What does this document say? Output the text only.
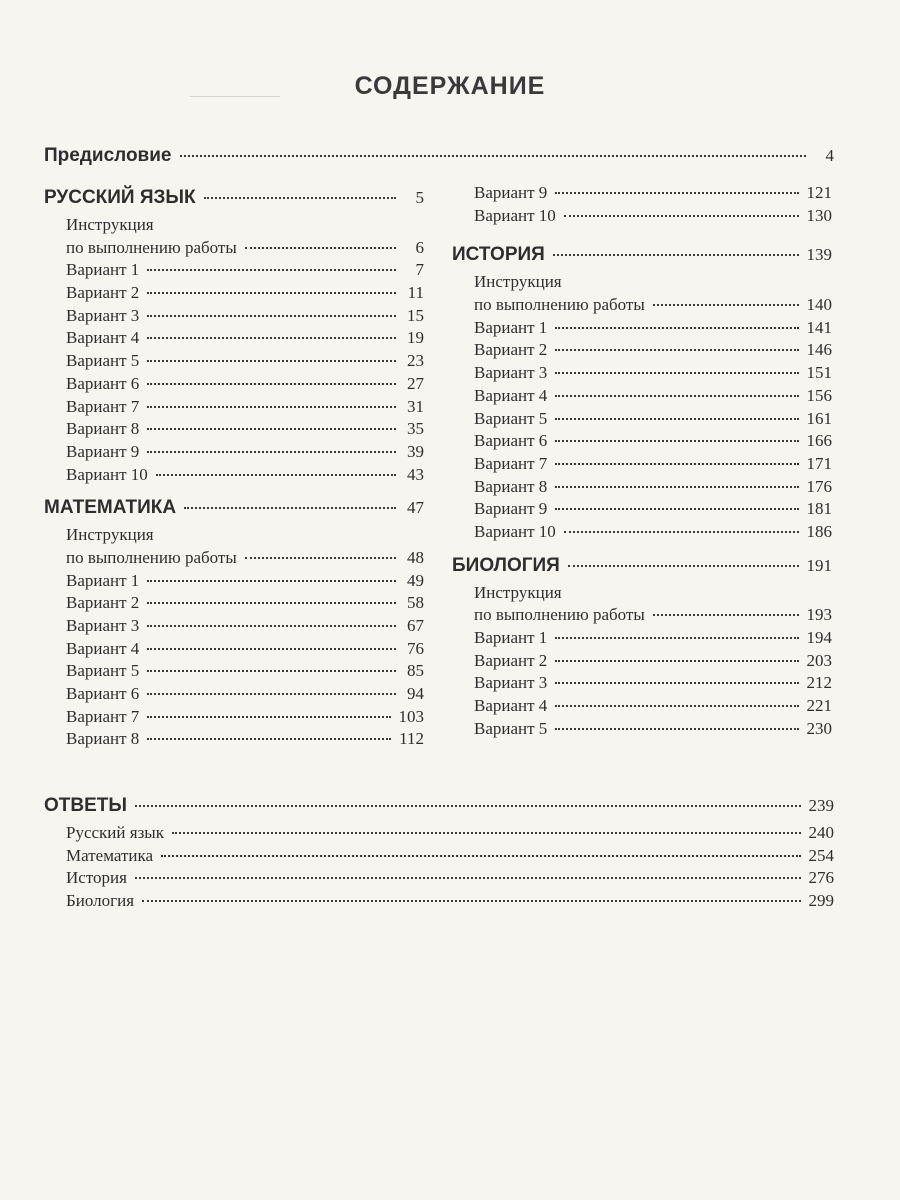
СОДЕРЖАНИЕ
Предисловие	4
РУССКИЙ ЯЗЫК	5
Инструкция
по выполнению работы	6
Вариант 1	7
Вариант 2	11
Вариант 3	15
Вариант 4	19
Вариант 5	23
Вариант 6	27
Вариант 7	31
Вариант 8	35
Вариант 9	39
Вариант 10	43
МАТЕМАТИКА	47
Инструкция
по выполнению работы	48
Вариант 1	49
Вариант 2	58
Вариант 3	67
Вариант 4	76
Вариант 5	85
Вариант 6	94
Вариант 7	103
Вариант 8	112
Вариант 9	121
Вариант 10	130
ИСТОРИЯ	139
Инструкция
по выполнению работы	140
Вариант 1	141
Вариант 2	146
Вариант 3	151
Вариант 4	156
Вариант 5	161
Вариант 6	166
Вариант 7	171
Вариант 8	176
Вариант 9	181
Вариант 10	186
БИОЛОГИЯ	191
Инструкция
по выполнению работы	193
Вариант 1	194
Вариант 2	203
Вариант 3	212
Вариант 4	221
Вариант 5	230
ОТВЕТЫ	239
Русский язык	240
Математика	254
История	276
Биология	299
